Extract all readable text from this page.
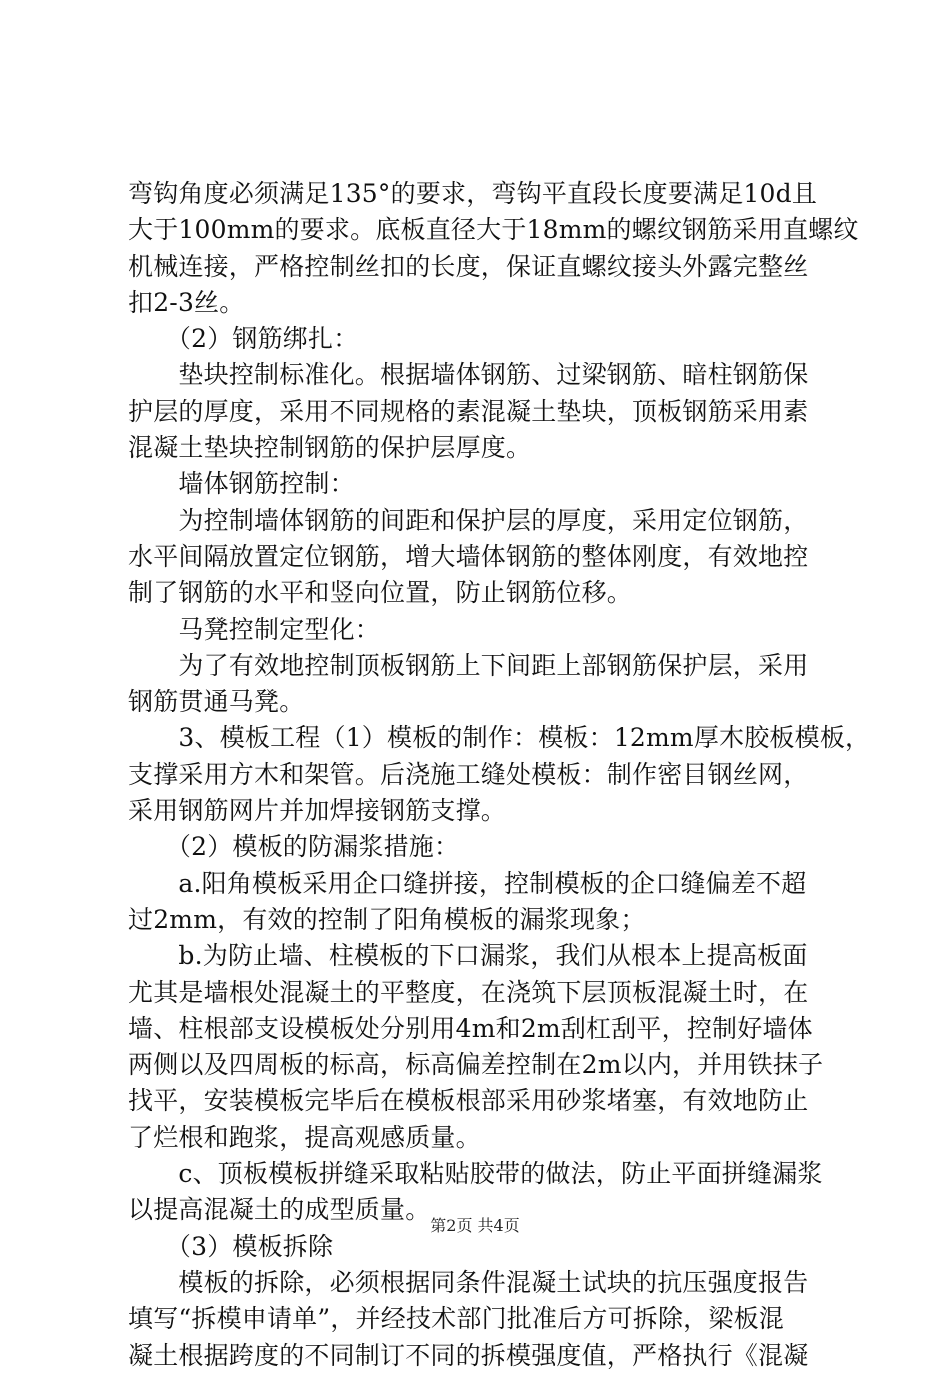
弯钩角度必须满足135°的要求，弯钩平直段长度要满足10d且
大于100mm的要求。底板直径大于18mm的螺纹钢筋采用直螺纹
机械连接，严格控制丝扣的长度，保证直螺纹接头外露完整丝
扣2-3丝。
　　（2）钢筋绑扎：
　　垫块控制标准化。根据墙体钢筋、过梁钢筋、暗柱钢筋保
护层的厚度，采用不同规格的素混凝土垫块，顶板钢筋采用素
混凝土垫块控制钢筋的保护层厚度。
　　墙体钢筋控制：
　　为控制墙体钢筋的间距和保护层的厚度，采用定位钢筋，
水平间隔放置定位钢筋，增大墙体钢筋的整体刚度，有效地控
制了钢筋的水平和竖向位置，防止钢筋位移。
　　马凳控制定型化：
　　为了有效地控制顶板钢筋上下间距上部钢筋保护层，采用
钢筋贯通马凳。
　　3、模板工程（1）模板的制作：模板：12mm厚木胶板模板，
支撑采用方木和架管。后浇施工缝处模板：制作密目钢丝网，
采用钢筋网片并加焊接钢筋支撑。
　　（2）模板的防漏浆措施：
　　a.阳角模板采用企口缝拼接，控制模板的企口缝偏差不超
过2mm，有效的控制了阳角模板的漏浆现象；
　　b.为防止墙、柱模板的下口漏浆，我们从根本上提高板面
尤其是墙根处混凝土的平整度，在浇筑下层顶板混凝土时，在
墙、柱根部支设模板处分别用4m和2m刮杠刮平，控制好墙体
两侧以及四周板的标高，标高偏差控制在2m以内，并用铁抹子
找平，安装模板完毕后在模板根部采用砂浆堵塞，有效地防止
了烂根和跑浆，提高观感质量。
　　c、顶板模板拼缝采取粘贴胶带的做法，防止平面拼缝漏浆
以提高混凝土的成型质量。
　　（3）模板拆除
　　模板的拆除，必须根据同条件混凝土试块的抗压强度报告
填写“拆模申请单”，并经技术部门批准后方可拆除，梁板混
凝土根据跨度的不同制订不同的拆模强度值，严格执行《混凝
第2页 共4页
